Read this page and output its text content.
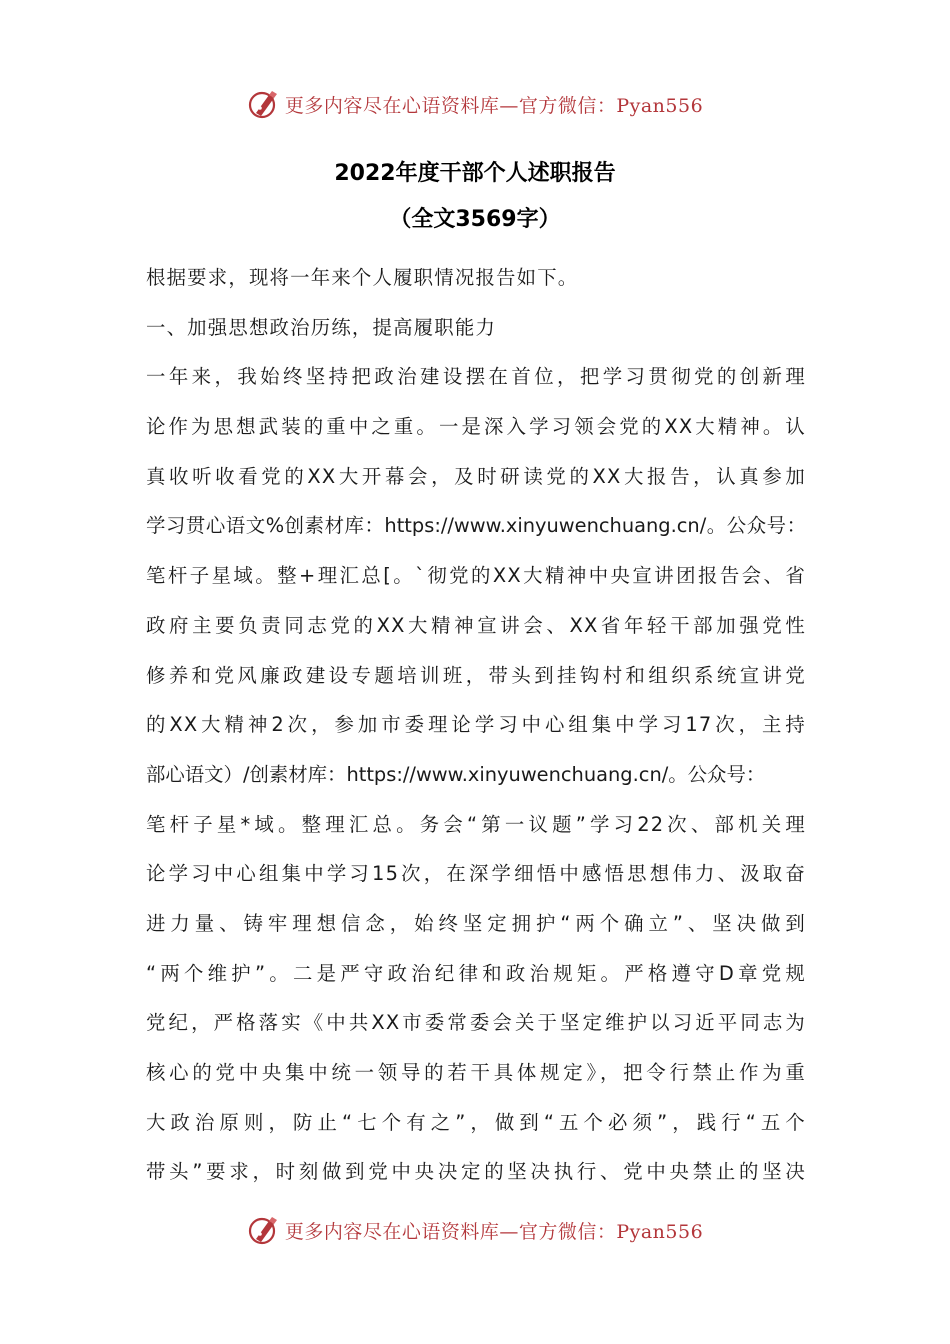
更多内容尽在心语资料库—官方微信：Pyan556
2022年度干部个人述职报告
（全文3569字）
根据要求，现将一年来个人履职情况报告如下。
一、加强思想政治历练，提高履职能力
一年来，我始终坚持把政治建设摆在首位，把学习贯彻党的创新理
论作为思想武装的重中之重。一是深入学习领会党的XX大精神。认
真收听收看党的XX大开幕会，及时研读党的XX大报告，认真参加
学习贯心语文%创素材库：https://www.xinyuwenchuang.cn/。公众号：
笔杆子星域。整+理汇总[。`彻党的XX大精神中央宣讲团报告会、省
政府主要负责同志党的XX大精神宣讲会、XX省年轻干部加强党性
修养和党风廉政建设专题培训班，带头到挂钩村和组织系统宣讲党
的XX大精神2次，参加市委理论学习中心组集中学习17次，主持
部心语文）/创素材库：https://www.xinyuwenchuang.cn/。公众号：
笔杆子星*域。整理汇总。务会“第一议题”学习22次、部机关理
论学习中心组集中学习15次，在深学细悟中感悟思想伟力、汲取奋
进力量、铸牢理想信念，始终坚定拥护“两个确立”、坚决做到
“两个维护”。二是严守政治纪律和政治规矩。严格遵守D章党规
党纪，严格落实《中共XX市委常委会关于坚定维护以习近平同志为
核心的党中央集中统一领导的若干具体规定》，把令行禁止作为重
大政治原则，防止“七个有之”，做到“五个必须”，践行“五个
带头”要求，时刻做到党中央决定的坚决执行、党中央禁止的坚决
更多内容尽在心语资料库—官方微信：Pyan556
